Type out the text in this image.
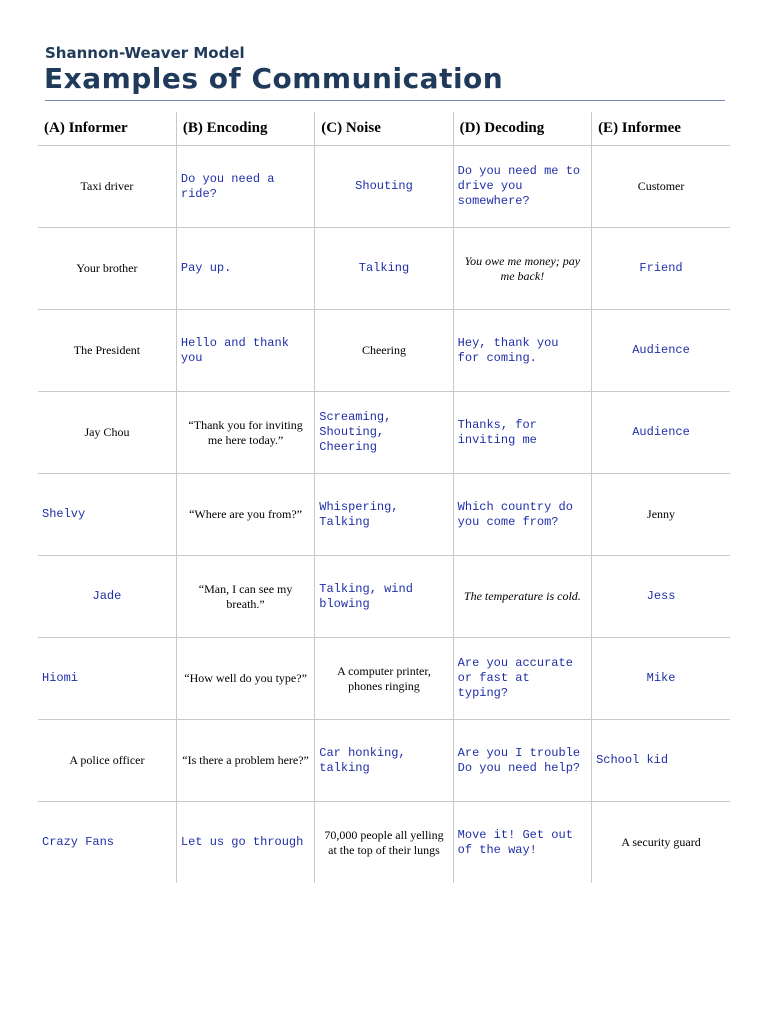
Shannon-Weaver Model
Examples of Communication
(A) Informer	(B) Encoding	(C) Noise	(D) Decoding	(E) Informee
Taxi driver	Do you need a ride?	Shouting	Do you need me to drive you somewhere?	Customer
Your brother	Pay up.	Talking	You owe me money; pay me back!	Friend
The President	Hello and thank you	Cheering	Hey, thank you for coming.	Audience
Jay Chou	“Thank you for inviting me here today.”	Screaming, Shouting, Cheering	Thanks, for inviting me	Audience
Shelvy	“Where are you from?”	Whispering, Talking	Which country do you come from?	Jenny
Jade	“Man, I can see my breath.”	Talking, wind blowing	The temperature is cold.	Jess
Hiomi	“How well do you type?”	A computer printer, phones ringing	Are you accurate or fast at typing?	Mike
A police officer	“Is there a problem here?”	Car honking, talking	Are you I trouble Do you need help?	School kid
Crazy Fans	Let us go through	70,000 people all yelling at the top of their lungs	Move it! Get out of the way!	A security guard
